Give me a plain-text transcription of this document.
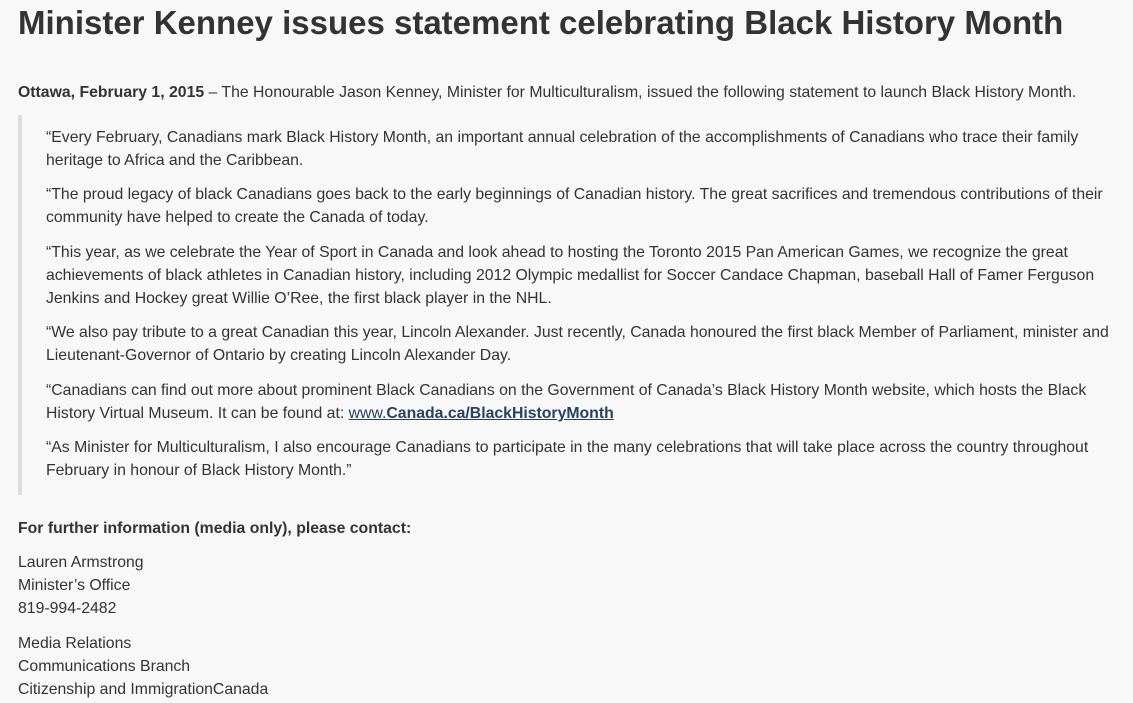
Minister Kenney issues statement celebrating Black History Month

Ottawa, February 1, 2015 – The Honourable Jason Kenney, Minister for Multiculturalism, issued the following statement to launch Black History Month.

“Every February, Canadians mark Black History Month, an important annual celebration of the accomplishments of Canadians who trace their family heritage to Africa and the Caribbean.

“The proud legacy of black Canadians goes back to the early beginnings of Canadian history. The great sacrifices and tremendous contributions of their community have helped to create the Canada of today.

“This year, as we celebrate the Year of Sport in Canada and look ahead to hosting the Toronto 2015 Pan American Games, we recognize the great achievements of black athletes in Canadian history, including 2012 Olympic medallist for Soccer Candace Chapman, baseball Hall of Famer Ferguson Jenkins and Hockey great Willie O’Ree, the first black player in the NHL.

“We also pay tribute to a great Canadian this year, Lincoln Alexander. Just recently, Canada honoured the first black Member of Parliament, minister and Lieutenant-Governor of Ontario by creating Lincoln Alexander Day.

“Canadians can find out more about prominent Black Canadians on the Government of Canada’s Black History Month website, which hosts the Black History Virtual Museum. It can be found at: www.Canada.ca/BlackHistoryMonth

“As Minister for Multiculturalism, I also encourage Canadians to participate in the many celebrations that will take place across the country throughout February in honour of Black History Month.”

For further information (media only), please contact:

Lauren Armstrong
Minister’s Office
819-994-2482

Media Relations
Communications Branch
Citizenship and ImmigrationCanada
